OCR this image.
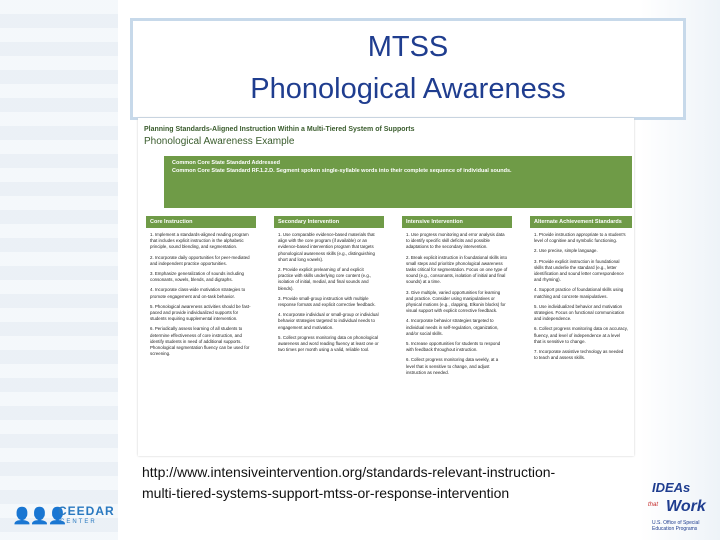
MTSS
Phonological Awareness
Planning Standards-Aligned Instruction Within a Multi-Tiered System of Supports
Phonological Awareness Example
Common Core State Standard Addressed
Common Core State Standard RF.1.2.D. Segment spoken single-syllable words into their complete sequence of individual sounds.
Core Instruction

1. Implement a standards-aligned reading program that includes explicit instruction in the alphabetic principle, sound blending, and segmentation.

2. Incorporate daily opportunities for peer-mediated and independent practice opportunities.

3. Emphasize generalization of sounds including consonants, vowels, blends, and digraphs.

4. Incorporate class-wide motivation strategies to promote engagement and on-task behavior.

5. Phonological awareness activities should be fast-paced and provide individualized supports for students requiring supplemental intervention.

6. Periodically assess learning of all students to determine effectiveness of core instruction, and identify students in need of additional supports. Phonological segmentation fluency can be used for screening.

Secondary Intervention

1. Use comparable evidence-based materials that align with the core program (if available) or an evidence-based intervention program that targets phonological awareness skills (e.g., distinguishing short and long vowels).

2. Provide explicit prelearning of and explicit practice with skills underlying core content (e.g., isolation of initial, medial, and final sounds and blends).

3. Provide small-group instruction with multiple response formats and explicit corrective feedback.

4. Incorporate individual or small-group or individual behavior strategies targeted to individual needs to engagement and motivation.

5. Collect progress monitoring data on phonological awareness and word reading fluency at least one or two times per month using a valid, reliable tool.

Intensive Intervention

1. Use progress monitoring and error analysis data to identify specific skill deficits and possible adaptations to the secondary intervention.

2. Break explicit instruction in foundational skills into small steps and prioritize phonological awareness tasks critical for segmentation. Focus on one type of sound (e.g., consonants, isolation of initial and final sounds) at a time.

3. Give multiple, varied opportunities for learning and practice. Consider using manipulatives or physical motions (e.g., clapping, Elkonin blocks) for visual support with explicit corrective feedback.

4. Incorporate behavior strategies targeted to individual needs in self-regulation, organization, and/or social skills.

5. Increase opportunities for students to respond with feedback throughout instruction.

6. Collect progress monitoring data weekly, at a level that is sensitive to change, and adjust instruction as needed.

Alternate Achievement Standards

1. Provide instruction appropriate to a student's level of cognitive and symbolic functioning.

2. Use precise, simple language.

3. Provide explicit instruction in foundational skills that underlie the standard (e.g., letter identification and sound letter correspondence and rhyming).

4. Support practice of foundational skills using matching and concrete manipulatives.

5. Use individualized behavior and motivation strategies. Focus on functional communication and independence.

6. Collect progress monitoring data on accuracy, fluency, and level of independence at a level that is sensitive to change.

7. Incorporate assistive technology as needed to teach and assess skills.

http://www.intensiveintervention.org/standards-relevant-instruction-
multi-tiered-systems-support-mtss-or-response-intervention
👤👤👤
CEEDAR
CENTER
IDEAs
that Work
U.S. Office of Special Education Programs
